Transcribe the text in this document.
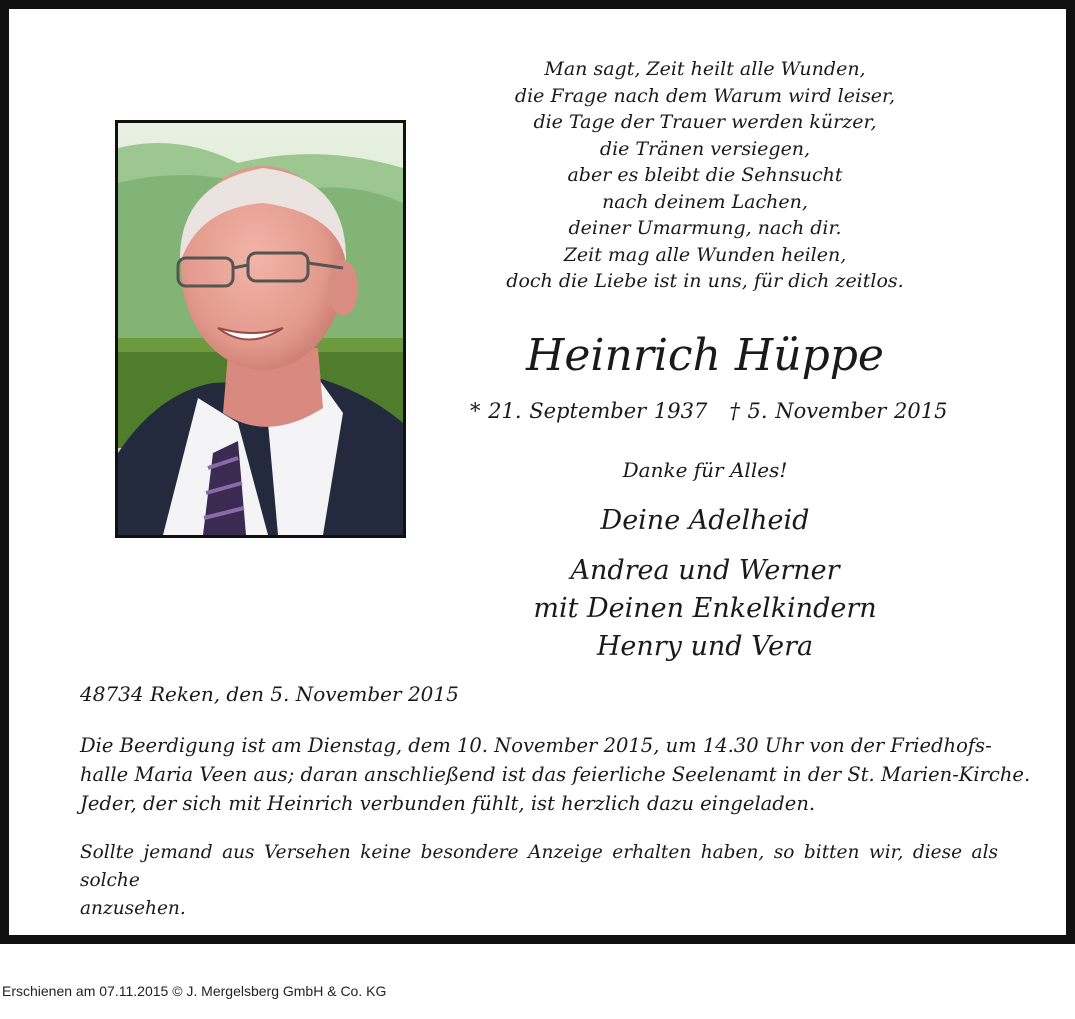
Man sagt, Zeit heilt alle Wunden,
die Frage nach dem Warum wird leiser,
die Tage der Trauer werden kürzer,
die Tränen versiegen,
aber es bleibt die Sehnsucht
nach deinem Lachen,
deiner Umarmung, nach dir.
Zeit mag alle Wunden heilen,
doch die Liebe ist in uns, für dich zeitlos.
Heinrich Hüppe
* 21. September 1937 † 5. November 2015
Danke für Alles!
Deine Adelheid
Andrea und Werner
mit Deinen Enkelkindern
Henry und Vera
48734 Reken, den 5. November 2015
Die Beerdigung ist am Dienstag, dem 10. November 2015, um 14.30 Uhr von der Friedhofs-
halle Maria Veen aus; daran anschließend ist das feierliche Seelenamt in der St. Marien-Kirche.
Jeder, der sich mit Heinrich verbunden fühlt, ist herzlich dazu eingeladen.
Sollte jemand aus Versehen keine besondere Anzeige erhalten haben, so bitten wir, diese als solche
anzusehen.
Erschienen am 07.11.2015 © J. Mergelsberg GmbH & Co. KG
